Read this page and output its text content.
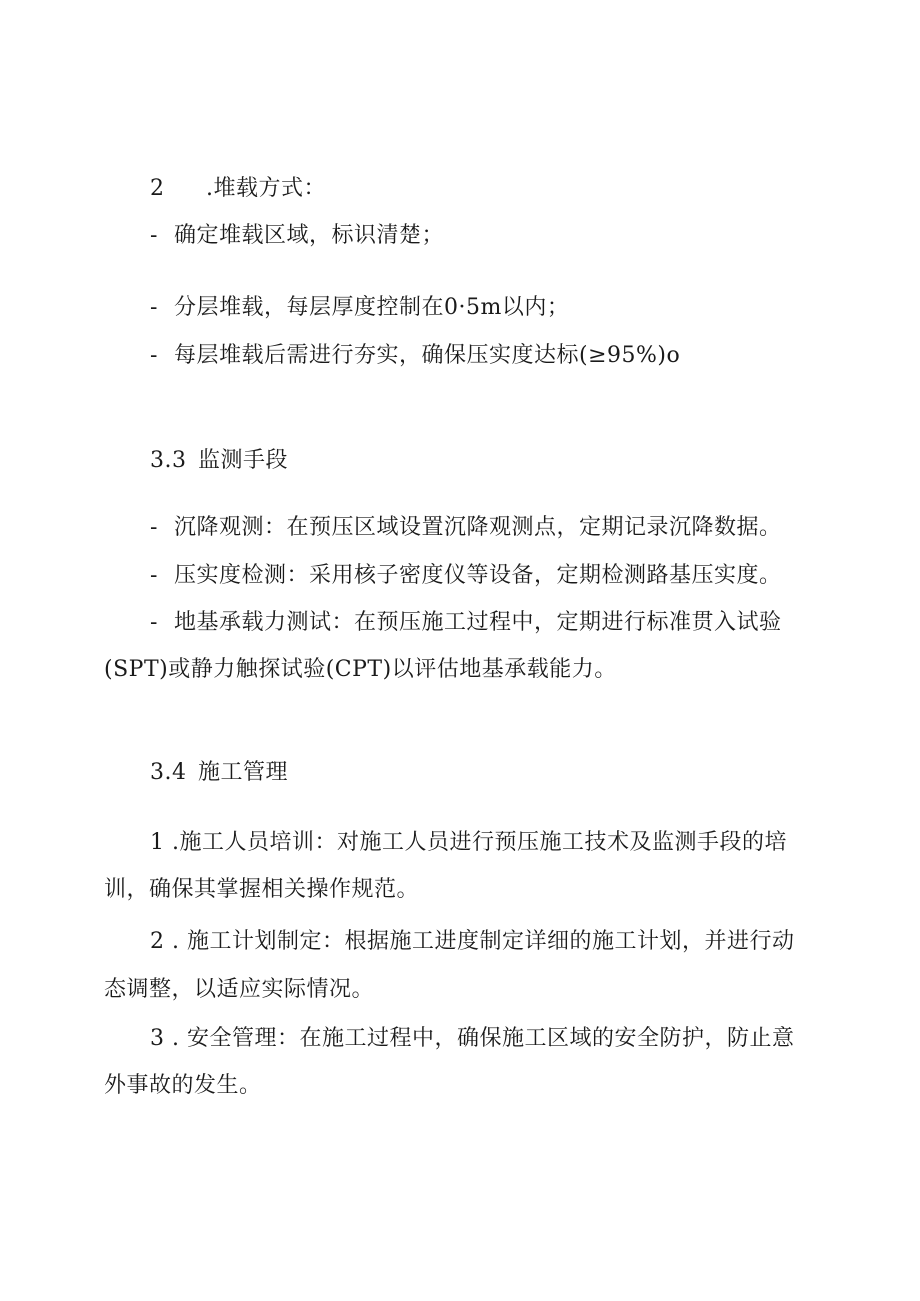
2 .堆载方式：
- 确定堆载区域，标识清楚；
- 分层堆载，每层厚度控制在0·5m以内；
- 每层堆载后需进行夯实，确保压实度达标(≥95%)o
3.3 监测手段
- 沉降观测：在预压区域设置沉降观测点，定期记录沉降数据。
- 压实度检测：采用核子密度仪等设备，定期检测路基压实度。
- 地基承载力测试：在预压施工过程中，定期进行标准贯入试验
(SPT)或静力触探试验(CPT)以评估地基承载能力。
3.4 施工管理
1 .施工人员培训：对施工人员进行预压施工技术及监测手段的培
训，确保其掌握相关操作规范。
2 . 施工计划制定：根据施工进度制定详细的施工计划，并进行动
态调整，以适应实际情况。
3 . 安全管理：在施工过程中，确保施工区域的安全防护，防止意
外事故的发生。
